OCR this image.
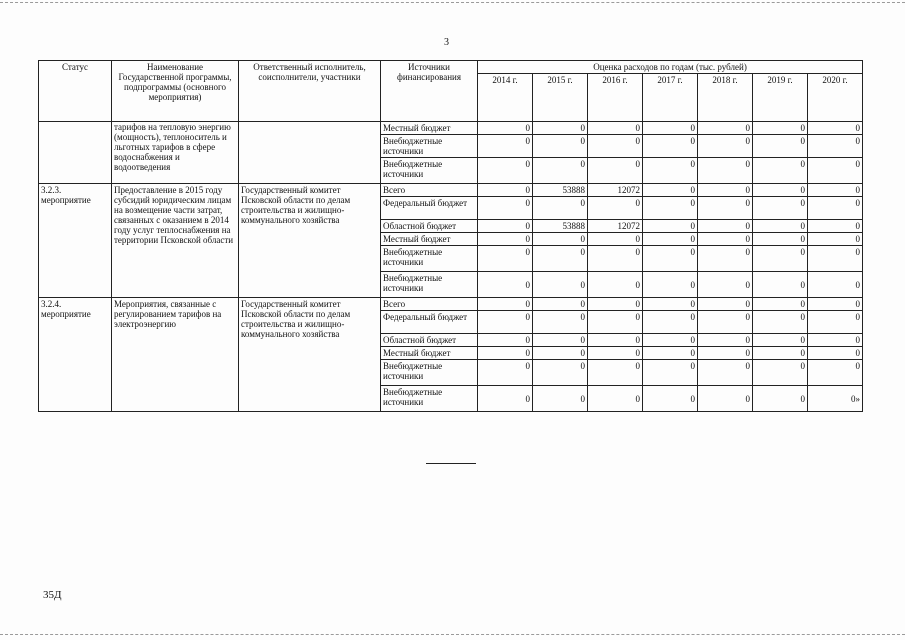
3
Статус	Наименование Государственной программы, подпрограммы (основного мероприятия)	Ответственный исполнитель, соисполнители, участники	Источники финансирования	Оценка расходов по годам (тыс. рублей)						
				2014 г.	2015 г.	2016 г.	2017 г.	2018 г.	2019 г.	2020 г.
	тарифов на тепловую энергию (мощность), теплоноситель и льготных тарифов в сфере водоснабжения и водоотведения		Местный бюджет	0	0	0	0	0	0	0
			Внебюджетные источники	0	0	0	0	0	0	0
			Внебюджетные источники	0	0	0	0	0	0	0
3.2.3. мероприятие	Предоставление в 2015 году субсидий юридическим лицам на возмещение части затрат, связанных с оказанием в 2014 году услуг теплоснабжения на территории Псковской области	Государственный комитет Псковской области по делам строительства и жилищно-коммунального хозяйства	Всего	0	53888	12072	0	0	0	0
			Федеральный бюджет	0	0	0	0	0	0	0
			Областной бюджет	0	53888	12072	0	0	0	0
			Местный бюджет	0	0	0	0	0	0	0
			Внебюджетные источники	0	0	0	0	0	0	0
			Внебюджетные источники	0	0	0	0	0	0	0
3.2.4. мероприятие	Мероприятия, связанные с регулированием тарифов на электроэнергию	Государственный комитет Псковской области по делам строительства и жилищно-коммунального хозяйства	Всего	0	0	0	0	0	0	0
			Федеральный бюджет	0	0	0	0	0	0	0
			Областной бюджет	0	0	0	0	0	0	0
			Местный бюджет	0	0	0	0	0	0	0
			Внебюджетные источники	0	0	0	0	0	0	0
			Внебюджетные источники	0	0	0	0	0	0	0»
35Д
